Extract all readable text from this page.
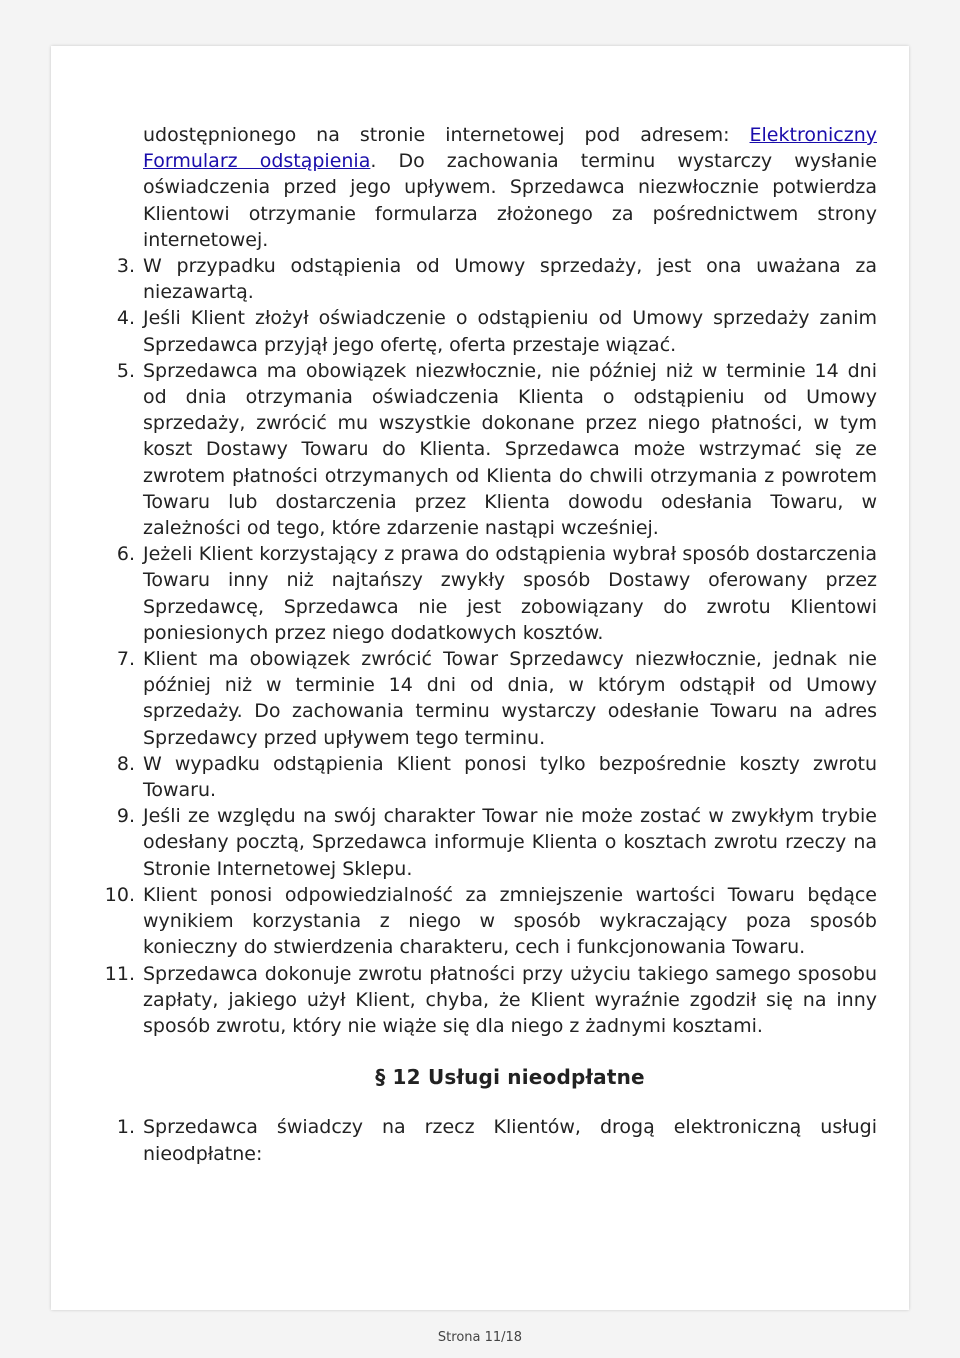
udostępnionego na stronie internetowej pod adresem: Elektroniczny Formularz odstąpienia. Do zachowania terminu wystarczy wysłanie oświadczenia przed jego upływem. Sprzedawca niezwłocznie potwierdza Klientowi otrzymanie formularza złożonego za pośrednictwem strony internetowej.
3. W przypadku odstąpienia od Umowy sprzedaży, jest ona uważana za niezawartą.
4. Jeśli Klient złożył oświadczenie o odstąpieniu od Umowy sprzedaży zanim Sprzedawca przyjął jego ofertę, oferta przestaje wiązać.
5. Sprzedawca ma obowiązek niezwłocznie, nie później niż w terminie 14 dni od dnia otrzymania oświadczenia Klienta o odstąpieniu od Umowy sprzedaży, zwrócić mu wszystkie dokonane przez niego płatności, w tym koszt Dostawy Towaru do Klienta. Sprzedawca może wstrzymać się ze zwrotem płatności otrzymanych od Klienta do chwili otrzymania z powrotem Towaru lub dostarczenia przez Klienta dowodu odesłania Towaru, w zależności od tego, które zdarzenie nastąpi wcześniej.
6. Jeżeli Klient korzystający z prawa do odstąpienia wybrał sposób dostarczenia Towaru inny niż najtańszy zwykły sposób Dostawy oferowany przez Sprzedawcę, Sprzedawca nie jest zobowiązany do zwrotu Klientowi poniesionych przez niego dodatkowych kosztów.
7. Klient ma obowiązek zwrócić Towar Sprzedawcy niezwłocznie, jednak nie później niż w terminie 14 dni od dnia, w którym odstąpił od Umowy sprzedaży. Do zachowania terminu wystarczy odesłanie Towaru na adres Sprzedawcy przed upływem tego terminu.
8. W wypadku odstąpienia Klient ponosi tylko bezpośrednie koszty zwrotu Towaru.
9. Jeśli ze względu na swój charakter Towar nie może zostać w zwykłym trybie odesłany pocztą, Sprzedawca informuje Klienta o kosztach zwrotu rzeczy na Stronie Internetowej Sklepu.
10. Klient ponosi odpowiedzialność za zmniejszenie wartości Towaru będące wynikiem korzystania z niego w sposób wykraczający poza sposób konieczny do stwierdzenia charakteru, cech i funkcjonowania Towaru.
11. Sprzedawca dokonuje zwrotu płatności przy użyciu takiego samego sposobu zapłaty, jakiego użył Klient, chyba, że Klient wyraźnie zgodził się na inny sposób zwrotu, który nie wiąże się dla niego z żadnymi kosztami.
§ 12 Usługi nieodpłatne
1. Sprzedawca świadczy na rzecz Klientów, drogą elektroniczną usługi nieodpłatne:
Strona 11/18
